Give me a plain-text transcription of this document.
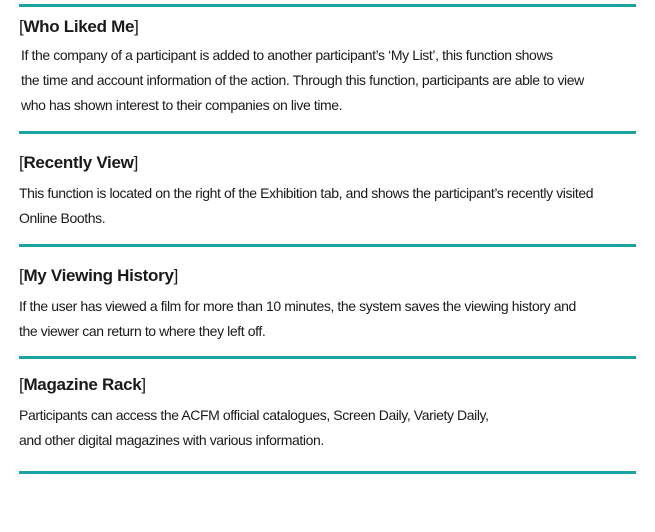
[Who Liked Me]

If the company of a participant is added to another participant’s ‘My List’, this function shows
the time and account information of the action. Through this function, participants are able to view
who has shown interest to their companies on live time.

[Recently View]

This function is located on the right of the Exhibition tab, and shows the participant’s recently visited
Online Booths.

[My Viewing History]

If the user has viewed a film for more than 10 minutes, the system saves the viewing history and
the viewer can return to where they left off.

[Magazine Rack]

Participants can access the ACFM official catalogues, Screen Daily, Variety Daily,
and other digital magazines with various information.
